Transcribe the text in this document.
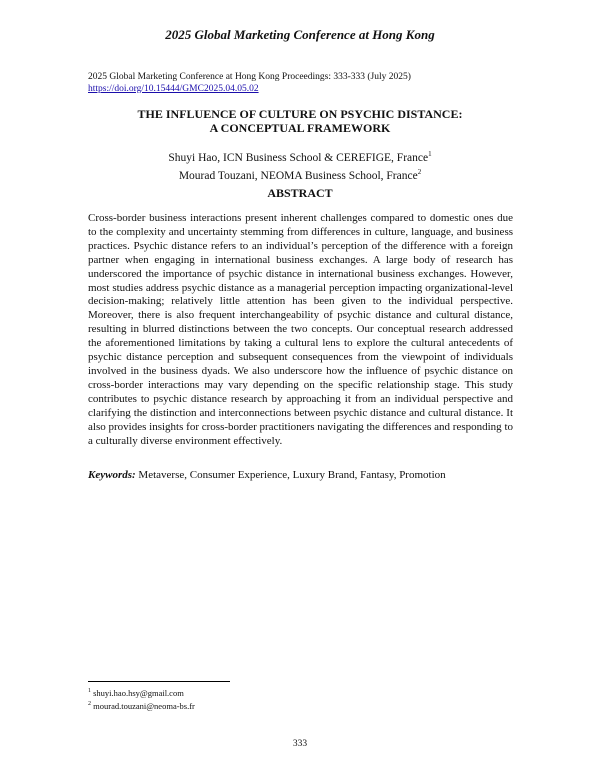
2025 Global Marketing Conference at Hong Kong
2025 Global Marketing Conference at Hong Kong Proceedings: 333-333 (July 2025)
https://doi.org/10.15444/GMC2025.04.05.02
THE INFLUENCE OF CULTURE ON PSYCHIC DISTANCE:
A CONCEPTUAL FRAMEWORK
Shuyi Hao, ICN Business School & CEREFIGE, France$^1$
Mourad Touzani, NEOMA Business School, France$^2$
ABSTRACT
Cross-border business interactions present inherent challenges compared to domestic ones due to the complexity and uncertainty stemming from differences in culture, language, and business practices. Psychic distance refers to an individual’s perception of the difference with a foreign partner when engaging in international business exchanges. A large body of research has underscored the importance of psychic distance in international business exchanges. However, most studies address psychic distance as a managerial perception impacting organizational-level decision-making; relatively little attention has been given to the individual perspective. Moreover, there is also frequent interchangeability of psychic distance and cultural distance, resulting in blurred distinctions between the two concepts. Our conceptual research addressed the aforementioned limitations by taking a cultural lens to explore the cultural antecedents of psychic distance perception and subsequent consequences from the viewpoint of individuals involved in the business dyads. We also underscore how the influence of psychic distance on cross-border interactions may vary depending on the specific relationship stage. This study contributes to psychic distance research by approaching it from an individual perspective and clarifying the distinction and interconnections between psychic distance and cultural distance. It also provides insights for cross-border practitioners navigating the differences and responding to a culturally diverse environment effectively.
Keywords: Metaverse, Consumer Experience, Luxury Brand, Fantasy, Promotion
$^1$ shuyi.hao.hsy@gmail.com
$^2$ mourad.touzani@neoma-bs.fr
333
